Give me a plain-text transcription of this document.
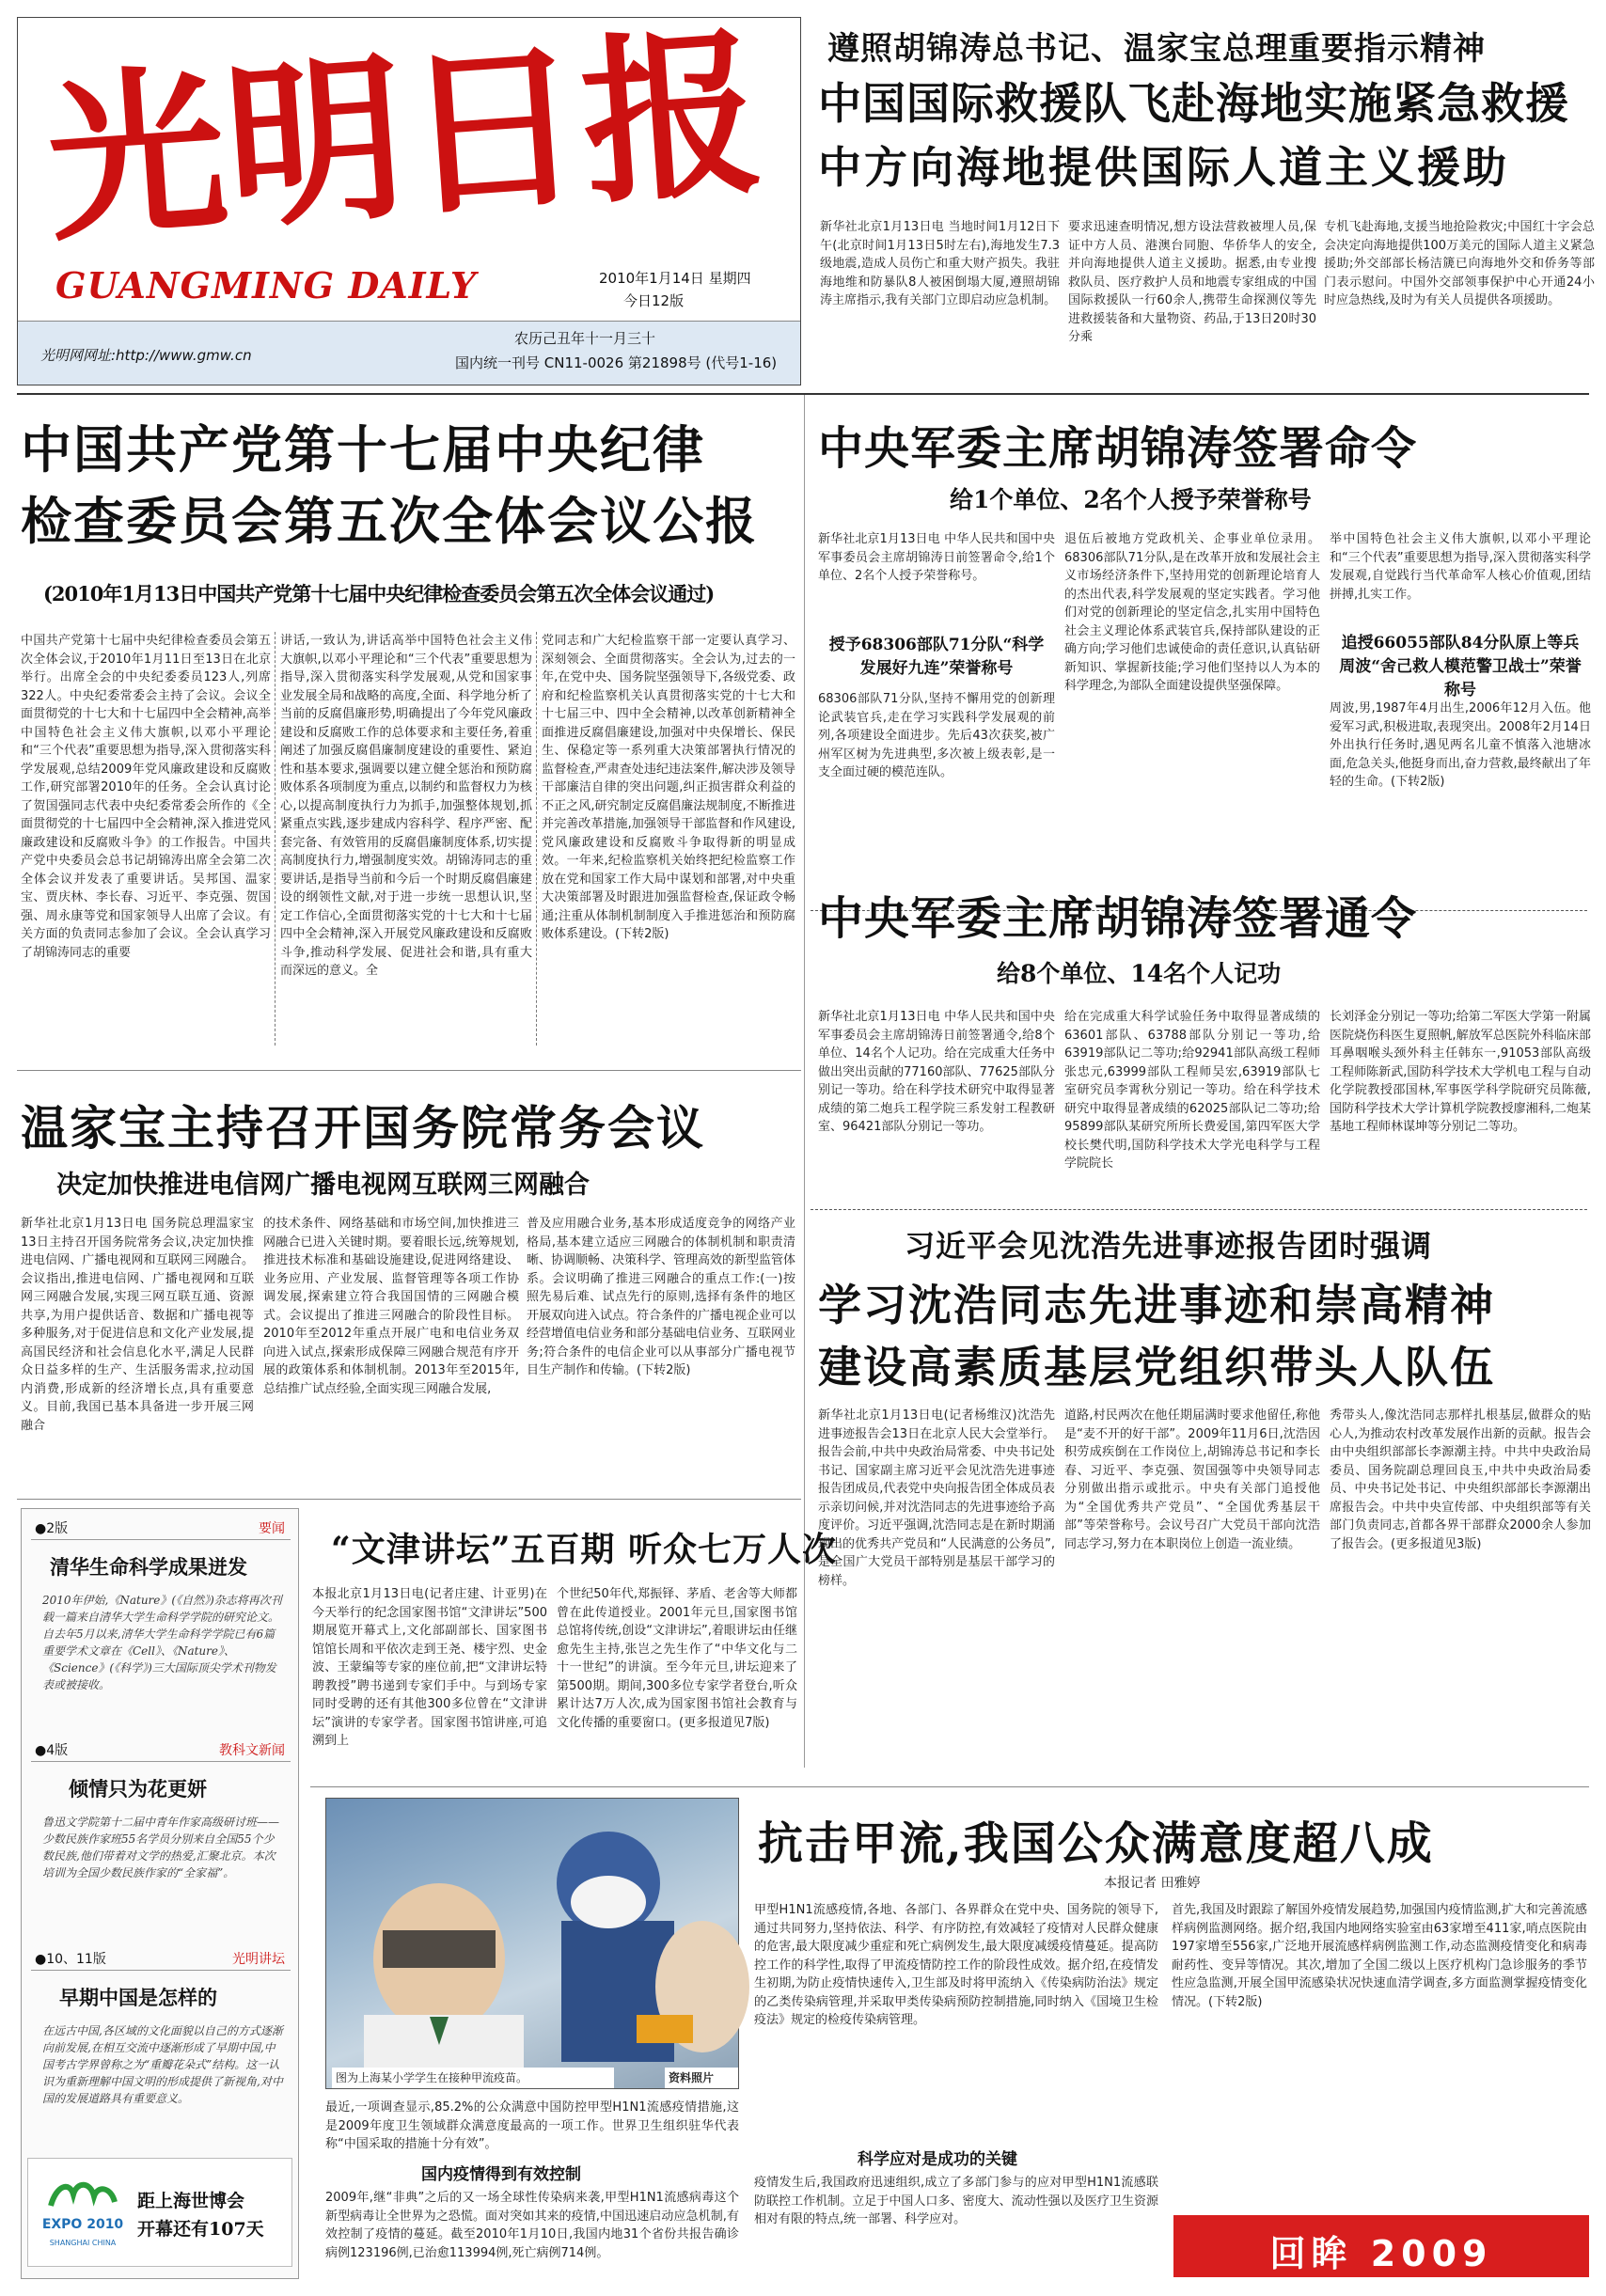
光明日报
GUANGMING DAILY	2010年1月14日 星期四
今日12版
光明网网址:http://www.gmw.cn
农历己丑年十一月三十
国内统一刊号 CN11-0026 第21898号 (代号1-16)
遵照胡锦涛总书记、温家宝总理重要指示精神
中国国际救援队飞赴海地实施紧急救援
中方向海地提供国际人道主义援助
新华社北京1月13日电 当地时间1月12日下午(北京时间1月13日5时左右),海地发生7.3级地震,造成人员伤亡和重大财产损失。我驻海地维和防暴队8人被困倒塌大厦,遵照胡锦涛主席指示,我有关部门立即启动应急机制。
要求迅速查明情况,想方设法营救被埋人员,保证中方人员、港澳台同胞、华侨华人的安全,并向海地提供人道主义援助。据悉,由专业搜救队员、医疗救护人员和地震专家组成的中国国际救援队一行60余人,携带生命探测仪等先进救援装备和大量物资、药品,于13日20时30分乘
专机飞赴海地,支援当地抢险救灾;中国红十字会总会决定向海地提供100万美元的国际人道主义紧急援助;外交部部长杨洁篪已向海地外交和侨务等部门表示慰问。中国外交部领事保护中心开通24小时应急热线,及时为有关人员提供各项援助。
中国共产党第十七届中央纪律
检查委员会第五次全体会议公报
(2010年1月13日中国共产党第十七届中央纪律检查委员会第五次全体会议通过)
中国共产党第十七届中央纪律检查委员会第五次全体会议,于2010年1月11日至13日在北京举行。出席全会的中央纪委委员123人,列席322人。中央纪委常委会主持了会议。会议全面贯彻党的十七大和十七届四中全会精神,高举中国特色社会主义伟大旗帜,以邓小平理论和“三个代表”重要思想为指导,深入贯彻落实科学发展观,总结2009年党风廉政建设和反腐败工作,研究部署2010年的任务。全会认真讨论了贺国强同志代表中央纪委常委会所作的《全面贯彻党的十七届四中全会精神,深入推进党风廉政建设和反腐败斗争》的工作报告。中国共产党中央委员会总书记胡锦涛出席全会第二次全体会议并发表了重要讲话。吴邦国、温家宝、贾庆林、李长春、习近平、李克强、贺国强、周永康等党和国家领导人出席了会议。有关方面的负责同志参加了会议。全会认真学习了胡锦涛同志的重要
讲话,一致认为,讲话高举中国特色社会主义伟大旗帜,以邓小平理论和“三个代表”重要思想为指导,深入贯彻落实科学发展观,从党和国家事业发展全局和战略的高度,全面、科学地分析了当前的反腐倡廉形势,明确提出了今年党风廉政建设和反腐败工作的总体要求和主要任务,着重阐述了加强反腐倡廉制度建设的重要性、紧迫性和基本要求,强调要以建立健全惩治和预防腐败体系各项制度为重点,以制约和监督权力为核心,以提高制度执行力为抓手,加强整体规划,抓紧重点实践,逐步建成内容科学、程序严密、配套完备、有效管用的反腐倡廉制度体系,切实提高制度执行力,增强制度实效。胡锦涛同志的重要讲话,是指导当前和今后一个时期反腐倡廉建设的纲领性文献,对于进一步统一思想认识,坚定工作信心,全面贯彻落实党的十七大和十七届四中全会精神,深入开展党风廉政建设和反腐败斗争,推动科学发展、促进社会和谐,具有重大而深远的意义。全
党同志和广大纪检监察干部一定要认真学习、深刻领会、全面贯彻落实。全会认为,过去的一年,在党中央、国务院坚强领导下,各级党委、政府和纪检监察机关认真贯彻落实党的十七大和十七届三中、四中全会精神,以改革创新精神全面推进反腐倡廉建设,加强对中央保增长、保民生、保稳定等一系列重大决策部署执行情况的监督检查,严肃查处违纪违法案件,解决涉及领导干部廉洁自律的突出问题,纠正损害群众利益的不正之风,研究制定反腐倡廉法规制度,不断推进并完善改革措施,加强领导干部监督和作风建设,党风廉政建设和反腐败斗争取得新的明显成效。一年来,纪检监察机关始终把纪检监察工作放在党和国家工作大局中谋划和部署,对中央重大决策部署及时跟进加强监督检查,保证政令畅通;注重从体制机制制度入手推进惩治和预防腐败体系建设。(下转2版)
中央军委主席胡锦涛签署命令
给1个单位、2名个人授予荣誉称号
新华社北京1月13日电 中华人民共和国中央军事委员会主席胡锦涛日前签署命令,给1个单位、2名个人授予荣誉称号。
授予68306部队71分队“科学发展好九连”荣誉称号
68306部队71分队,坚持不懈用党的创新理论武装官兵,走在学习实践科学发展观的前列,各项建设全面进步。先后43次获奖,被广州军区树为先进典型,多次被上级表彰,是一支全面过硬的模范连队。
退伍后被地方党政机关、企事业单位录用。68306部队71分队,是在改革开放和发展社会主义市场经济条件下,坚持用党的创新理论培育人的杰出代表,科学发展观的坚定实践者。学习他们对党的创新理论的坚定信念,扎实用中国特色社会主义理论体系武装官兵,保持部队建设的正确方向;学习他们忠诚使命的责任意识,认真钻研新知识、掌握新技能;学习他们坚持以人为本的科学理念,为部队全面建设提供坚强保障。
举中国特色社会主义伟大旗帜,以邓小平理论和“三个代表”重要思想为指导,深入贯彻落实科学发展观,自觉践行当代革命军人核心价值观,团结拼搏,扎实工作。
追授66055部队84分队原上等兵周波“舍己救人模范警卫战士”荣誉称号
周波,男,1987年4月出生,2006年12月入伍。他爱军习武,积极进取,表现突出。2008年2月14日外出执行任务时,遇见两名儿童不慎落入池塘冰面,危急关头,他挺身而出,奋力营救,最终献出了年轻的生命。(下转2版)
中央军委主席胡锦涛签署通令
给8个单位、14名个人记功
新华社北京1月13日电 中华人民共和国中央军事委员会主席胡锦涛日前签署通令,给8个单位、14名个人记功。给在完成重大任务中做出突出贡献的77160部队、77625部队分别记一等功。给在科学技术研究中取得显著成绩的第二炮兵工程学院三系发射工程教研室、96421部队分别记一等功。
给在完成重大科学试验任务中取得显著成绩的63601部队、63788部队分别记一等功,给63919部队记二等功;给92941部队高级工程师张忠元,63999部队工程师吴宏,63919部队七室研究员李霄秋分别记一等功。给在科学技术研究中取得显著成绩的62025部队记二等功;给95899部队某研究所所长费爱国,第四军医大学校长樊代明,国防科学技术大学光电科学与工程学院院长
长刘泽金分别记一等功;给第二军医大学第一附属医院烧伤科医生夏照帆,解放军总医院外科临床部耳鼻咽喉头颈外科主任韩东一,91053部队高级工程师陈新武,国防科学技术大学机电工程与自动化学院教授邵国林,军事医学科学院研究员陈薇,国防科学技术大学计算机学院教授廖湘科,二炮某基地工程师林谋坤等分别记二等功。
温家宝主持召开国务院常务会议
决定加快推进电信网广播电视网互联网三网融合
新华社北京1月13日电 国务院总理温家宝13日主持召开国务院常务会议,决定加快推进电信网、广播电视网和互联网三网融合。会议指出,推进电信网、广播电视网和互联网三网融合发展,实现三网互联互通、资源共享,为用户提供话音、数据和广播电视等多种服务,对于促进信息和文化产业发展,提高国民经济和社会信息化水平,满足人民群众日益多样的生产、生活服务需求,拉动国内消费,形成新的经济增长点,具有重要意义。目前,我国已基本具备进一步开展三网融合
的技术条件、网络基础和市场空间,加快推进三网融合已进入关键时期。要着眼长远,统筹规划,推进技术标准和基础设施建设,促进网络建设、业务应用、产业发展、监督管理等各项工作协调发展,探索建立符合我国国情的三网融合模式。会议提出了推进三网融合的阶段性目标。2010年至2012年重点开展广电和电信业务双向进入试点,探索形成保障三网融合规范有序开展的政策体系和体制机制。2013年至2015年,总结推广试点经验,全面实现三网融合发展,
普及应用融合业务,基本形成适度竞争的网络产业格局,基本建立适应三网融合的体制机制和职责清晰、协调顺畅、决策科学、管理高效的新型监管体系。会议明确了推进三网融合的重点工作:(一)按照先易后难、试点先行的原则,选择有条件的地区开展双向进入试点。符合条件的广播电视企业可以经营增值电信业务和部分基础电信业务、互联网业务;符合条件的电信企业可以从事部分广播电视节目生产制作和传输。(下转2版)
●2版	要闻
清华生命科学成果迸发
2010年伊始,《Nature》(《自然》)杂志将再次刊载一篇来自清华大学生命科学学院的研究论文。自去年5月以来,清华大学生命科学学院已有6篇重要学术文章在《Cell》、《Nature》、《Science》(《科学》)三大国际顶尖学术刊物发表或被接收。
●4版	教科文新闻
倾情只为花更妍
鲁迅文学院第十二届中青年作家高级研讨班——少数民族作家班55名学员分别来自全国55个少数民族,他们带着对文学的热爱,汇聚北京。本次培训为全国少数民族作家的“全家福”。
●10、11版	光明讲坛
早期中国是怎样的
在远古中国,各区域的文化面貌以自己的方式逐渐向前发展,在相互交流中逐渐形成了早期中国,中国考古学界曾称之为“重瓣花朵式”结构。这一认识为重新理解中国文明的形成提供了新视角,对中国的发展道路具有重要意义。
EXPO 2010
SHANGHAI CHINA
距上海世博会
开幕还有107天
“文津讲坛”五百期 听众七万人次
本报北京1月13日电(记者庄建、计亚男)在今天举行的纪念国家图书馆“文津讲坛”500期展览开幕式上,文化部副部长、国家图书馆馆长周和平依次走到王尧、楼宇烈、史金波、王蒙编等专家的座位前,把“文津讲坛特聘教授”聘书递到专家们手中。与到场专家同时受聘的还有其他300多位曾在“文津讲坛”演讲的专家学者。国家图书馆讲座,可追溯到上
个世纪50年代,郑振铎、茅盾、老舍等大师都曾在此传道授业。2001年元旦,国家图书馆总馆将传统,创设“文津讲坛”,着眼讲坛由任继愈先生主持,张岂之先生作了“中华文化与二十一世纪”的讲演。至今年元旦,讲坛迎来了第500期。期间,300多位专家学者登台,听众累计达7万人次,成为国家图书馆社会教育与文化传播的重要窗口。(更多报道见7版)
习近平会见沈浩先进事迹报告团时强调
学习沈浩同志先进事迹和崇高精神
建设高素质基层党组织带头人队伍
新华社北京1月13日电(记者杨维汉)沈浩先进事迹报告会13日在北京人民大会堂举行。报告会前,中共中央政治局常委、中央书记处书记、国家副主席习近平会见沈浩先进事迹报告团成员,代表党中央向报告团全体成员表示亲切问候,并对沈浩同志的先进事迹给予高度评价。习近平强调,沈浩同志是在新时期涌现出的优秀共产党员和“人民满意的公务员”,是全国广大党员干部特别是基层干部学习的榜样。
道路,村民两次在他任期届满时要求他留任,称他是“麦不开的好干部”。2009年11月6日,沈浩因积劳成疾倒在工作岗位上,胡锦涛总书记和李长春、习近平、李克强、贺国强等中央领导同志分别做出指示或批示。中央有关部门追授他为“全国优秀共产党员”、“全国优秀基层干部”等荣誉称号。会议号召广大党员干部向沈浩同志学习,努力在本职岗位上创造一流业绩。
秀带头人,像沈浩同志那样扎根基层,做群众的贴心人,为推动农村改革发展作出新的贡献。报告会由中央组织部部长李源潮主持。中共中央政治局委员、国务院副总理回良玉,中共中央政治局委员、中央书记处书记、中央组织部部长李源潮出席报告会。中共中央宣传部、中央组织部等有关部门负责同志,首都各界干部群众2000余人参加了报告会。(更多报道见3版)
图为上海某小学学生在接种甲流疫苗。	资料照片
抗击甲流,我国公众满意度超八成
本报记者 田雅婷
甲型H1N1流感疫情,各地、各部门、各界群众在党中央、国务院的领导下,通过共同努力,坚持依法、科学、有序防控,有效减轻了疫情对人民群众健康的危害,最大限度减少重症和死亡病例发生,最大限度减缓疫情蔓延。提高防控工作的科学性,取得了甲流疫情防控工作的阶段性成效。据介绍,在疫情发生初期,为防止疫情快速传入,卫生部及时将甲流纳入《传染病防治法》规定的乙类传染病管理,并采取甲类传染病预防控制措施,同时纳入《国境卫生检疫法》规定的检疫传染病管理。
首先,我国及时跟踪了解国外疫情发展趋势,加强国内疫情监测,扩大和完善流感样病例监测网络。据介绍,我国内地网络实验室由63家增至411家,哨点医院由197家增至556家,广泛地开展流感样病例监测工作,动态监测疫情变化和病毒耐药性、变异等情况。其次,增加了全国二级以上医疗机构门急诊服务的季节性应急监测,开展全国甲流感染状况快速血清学调查,多方面监测掌握疫情变化情况。(下转2版)
最近,一项调查显示,85.2%的公众满意中国防控甲型H1N1流感疫情措施,这是2009年度卫生领域群众满意度最高的一项工作。世界卫生组织驻华代表称“中国采取的措施十分有效”。
国内疫情得到有效控制
2009年,继“非典”之后的又一场全球性传染病来袭,甲型H1N1流感病毒这个新型病毒让全世界为之恐慌。面对突如其来的疫情,中国迅速启动应急机制,有效控制了疫情的蔓延。截至2010年1月10日,我国内地31个省份共报告确诊病例123196例,已治愈113994例,死亡病例714例。
科学应对是成功的关键
疫情发生后,我国政府迅速组织,成立了多部门参与的应对甲型H1N1流感联防联控工作机制。立足于中国人口多、密度大、流动性强以及医疗卫生资源相对有限的特点,统一部署、科学应对。
回眸 2009
